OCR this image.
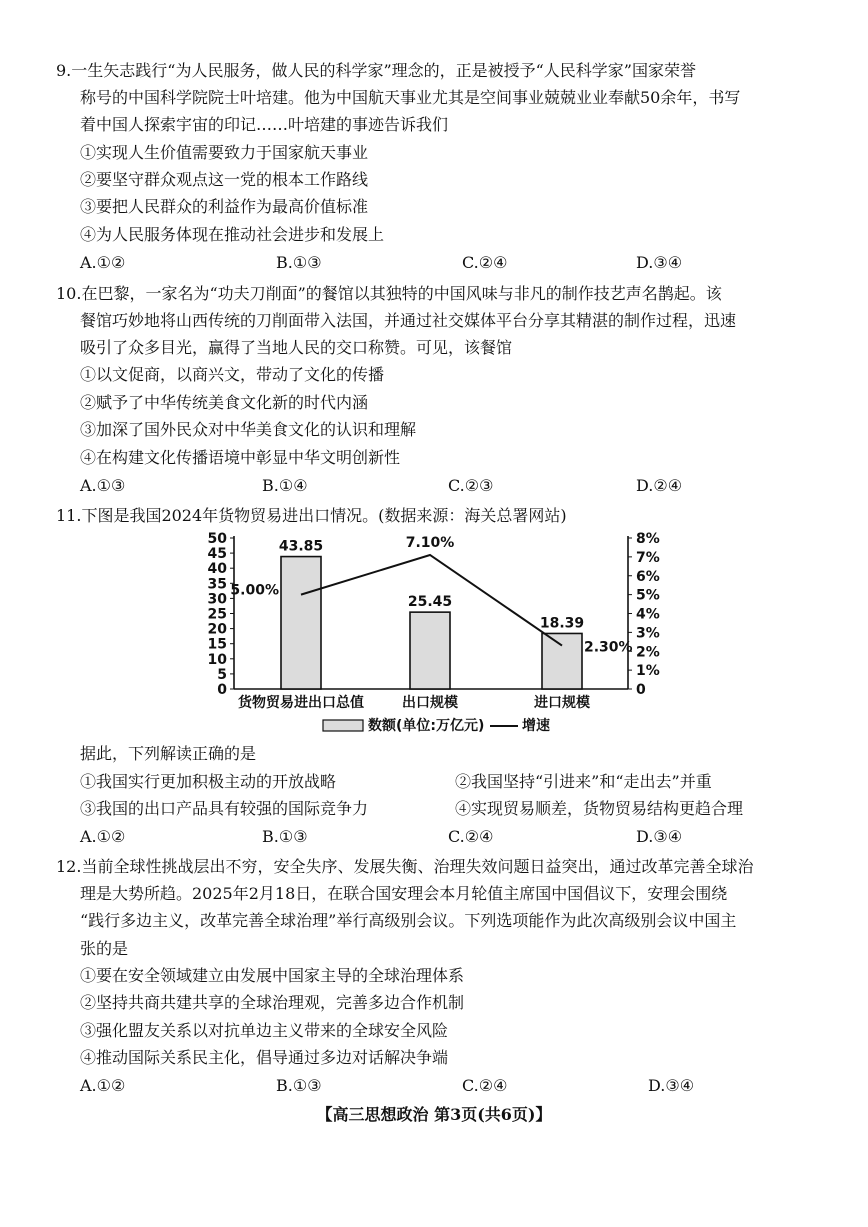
9.一生矢志践行“为人民服务，做人民的科学家”理念的，正是被授予“人民科学家”国家荣誉
称号的中国科学院院士叶培建。他为中国航天事业尤其是空间事业兢兢业业奉献50余年，书写
着中国人探索宇宙的印记……叶培建的事迹告诉我们
①实现人生价值需要致力于国家航天事业
②要坚守群众观点这一党的根本工作路线
③要把人民群众的利益作为最高价值标准
④为人民服务体现在推动社会进步和发展上
A.①②	B.①③	C.②④	D.③④
10.在巴黎，一家名为“功夫刀削面”的餐馆以其独特的中国风味与非凡的制作技艺声名鹊起。该
餐馆巧妙地将山西传统的刀削面带入法国，并通过社交媒体平台分享其精湛的制作过程，迅速
吸引了众多目光，赢得了当地人民的交口称赞。可见，该餐馆
①以文促商，以商兴文，带动了文化的传播
②赋予了中华传统美食文化新的时代内涵
③加深了国外民众对中华美食文化的认识和理解
④在构建文化传播语境中彰显中华文明创新性
A.①③	B.①④	C.②③	D.②④
11.下图是我国2024年货物贸易进出口情况。(数据来源：海关总署网站)
0
5
10
15
20
25
30
35
40
45
50
0
1%
2%
3%
4%
5%
6%
7%
8%
43.85
25.45
18.39
货物贸易进出口总值	出口规模	进口规模
5.00%
7.10%
2.30%
数额(单位:万亿元)	增速
据此，下列解读正确的是
①我国实行更加积极主动的开放战略	②我国坚持“引进来”和“走出去”并重
③我国的出口产品具有较强的国际竞争力	④实现贸易顺差，货物贸易结构更趋合理
A.①②	B.①③	C.②④	D.③④
12.当前全球性挑战层出不穷，安全失序、发展失衡、治理失效问题日益突出，通过改革完善全球治
理是大势所趋。2025年2月18日，在联合国安理会本月轮值主席国中国倡议下，安理会围绕
“践行多边主义，改革完善全球治理”举行高级别会议。下列选项能作为此次高级别会议中国主
张的是
①要在安全领域建立由发展中国家主导的全球治理体系
②坚持共商共建共享的全球治理观，完善多边合作机制
③强化盟友关系以对抗单边主义带来的全球安全风险
④推动国际关系民主化，倡导通过多边对话解决争端
A.①②	B.①③	C.②④	D.③④
【高三思想政治 第3页(共6页)】
